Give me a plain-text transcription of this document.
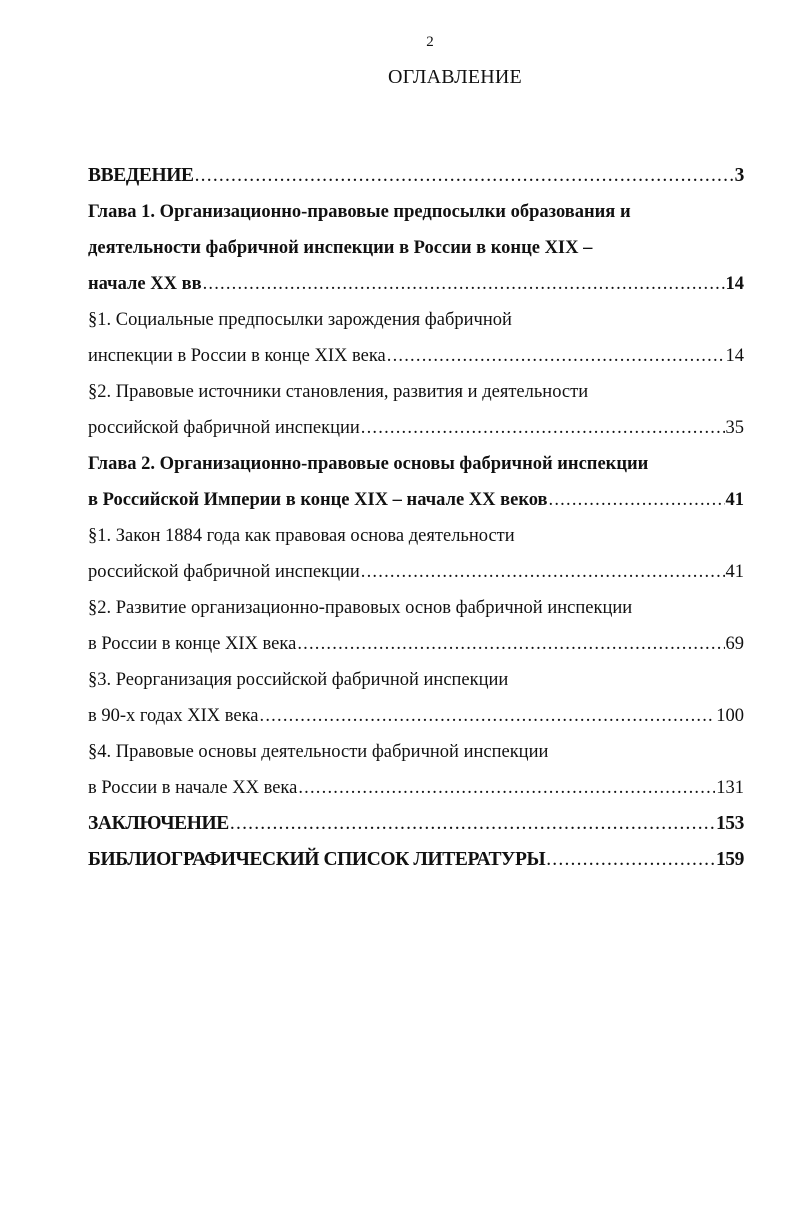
2
ОГЛАВЛЕНИЕ
ВВЕДЕНИЕ .....	3
Глава 1. Организационно-правовые предпосылки образования и
деятельности фабричной инспекции в России в конце XIX –
начале XX вв .....	14
§1. Социальные предпосылки зарождения фабричной
инспекции в России в конце XIX века .....	14
§2. Правовые источники становления, развития и деятельности
российской фабричной инспекции .....	35
Глава 2. Организационно-правовые основы фабричной инспекции
в Российской Империи в конце XIX – начале XX веков .....	41
§1. Закон 1884 года как правовая основа деятельности
российской фабричной инспекции .....	41
§2. Развитие организационно-правовых основ фабричной инспекции
в России в конце XIX века .....	69
§3. Реорганизация российской фабричной инспекции
в 90-х годах XIX века .....	100
§4. Правовые основы деятельности фабричной инспекции
в России в начале XX века .....	131
ЗАКЛЮЧЕНИЕ .....	153
БИБЛИОГРАФИЧЕСКИЙ СПИСОК ЛИТЕРАТУРЫ .....	159
